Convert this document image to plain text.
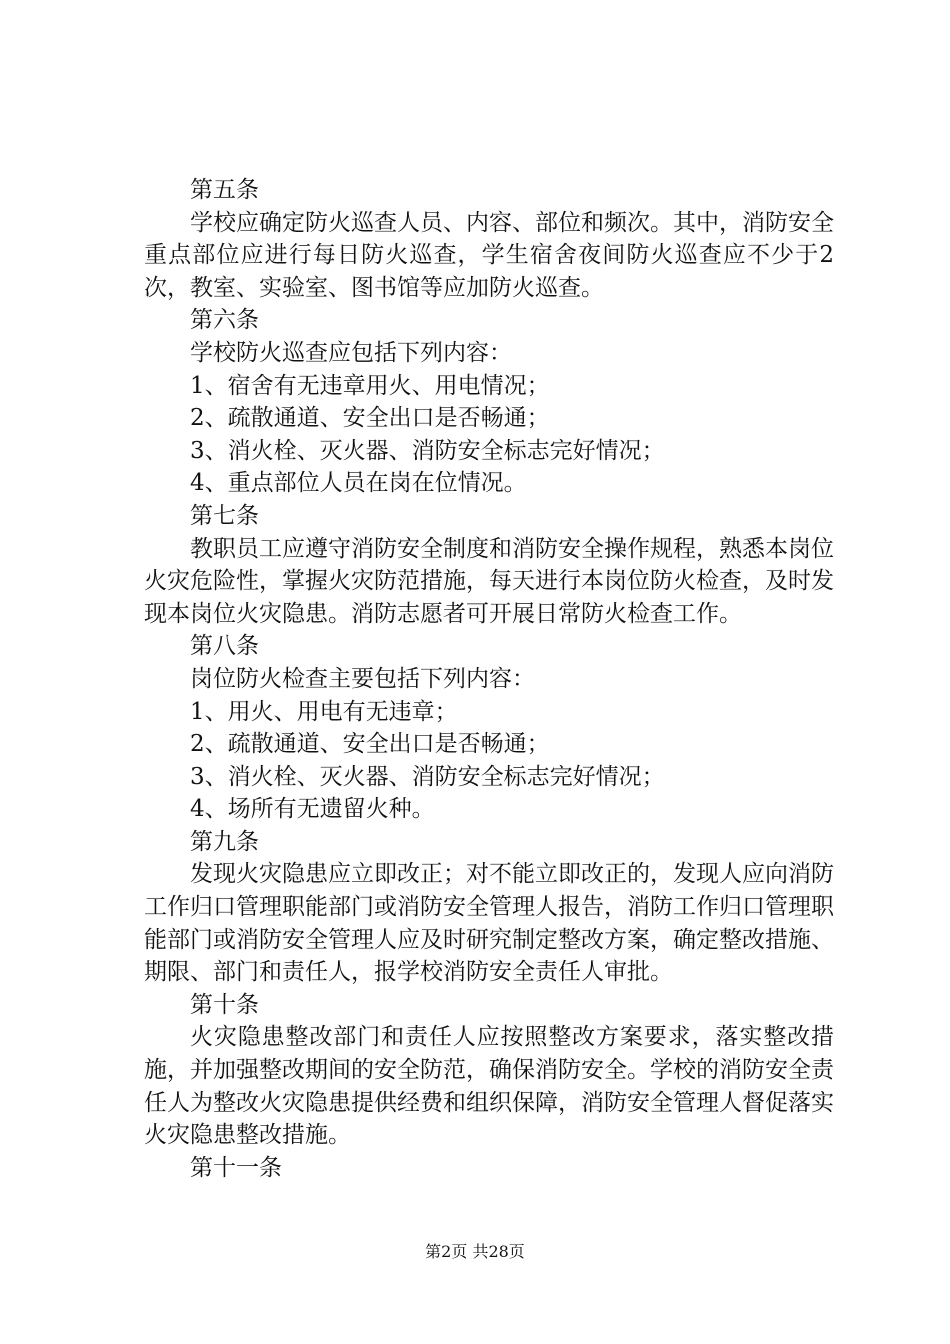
第五条

学校应确定防火巡查人员、内容、部位和频次。其中，消防安全重点部位应进行每日防火巡查，学生宿舍夜间防火巡查应不少于2次，教室、实验室、图书馆等应加防火巡查。

第六条

学校防火巡查应包括下列内容：

1、宿舍有无违章用火、用电情况；

2、疏散通道、安全出口是否畅通；

3、消火栓、灭火器、消防安全标志完好情况；

4、重点部位人员在岗在位情况。

第七条

教职员工应遵守消防安全制度和消防安全操作规程，熟悉本岗位火灾危险性，掌握火灾防范措施，每天进行本岗位防火检查，及时发现本岗位火灾隐患。消防志愿者可开展日常防火检查工作。

第八条

岗位防火检查主要包括下列内容：

1、用火、用电有无违章；

2、疏散通道、安全出口是否畅通；

3、消火栓、灭火器、消防安全标志完好情况；

4、场所有无遗留火种。

第九条

发现火灾隐患应立即改正；对不能立即改正的，发现人应向消防工作归口管理职能部门或消防安全管理人报告，消防工作归口管理职能部门或消防安全管理人应及时研究制定整改方案，确定整改措施、期限、部门和责任人，报学校消防安全责任人审批。

第十条

火灾隐患整改部门和责任人应按照整改方案要求，落实整改措施，并加强整改期间的安全防范，确保消防安全。学校的消防安全责任人为整改火灾隐患提供经费和组织保障，消防安全管理人督促落实火灾隐患整改措施。

第十一条

第2页 共28页
